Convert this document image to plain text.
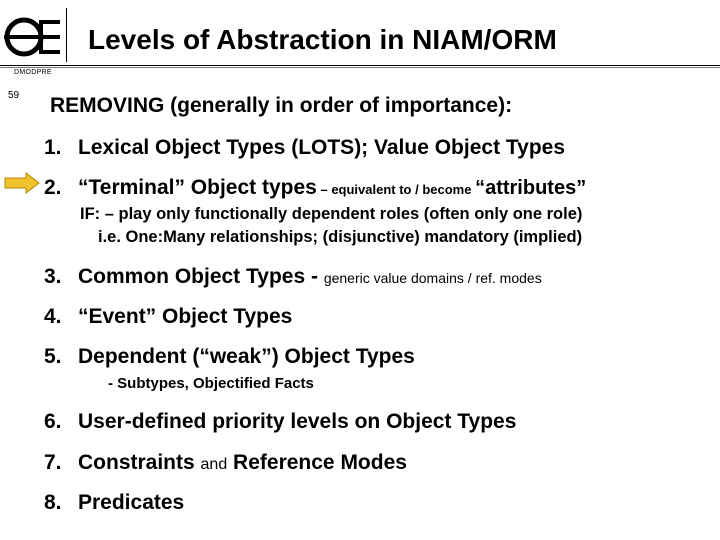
Levels of Abstraction in NIAM/ORM
DMODPRE
59 REMOVING (generally in order of importance):
1. Lexical Object Types (LOTS); Value Object Types
2. “Terminal” Object types – equivalent to / become “attributes”
IF: – play only functionally dependent roles (often only one role)
i.e. One:Many relationships; (disjunctive) mandatory (implied)
3. Common Object Types - generic value domains / ref. modes
4. “Event” Object Types
5. Dependent (“weak”) Object Types
- Subtypes, Objectified Facts
6. User-defined priority levels on Object Types
7. Constraints and Reference Modes
8. Predicates
